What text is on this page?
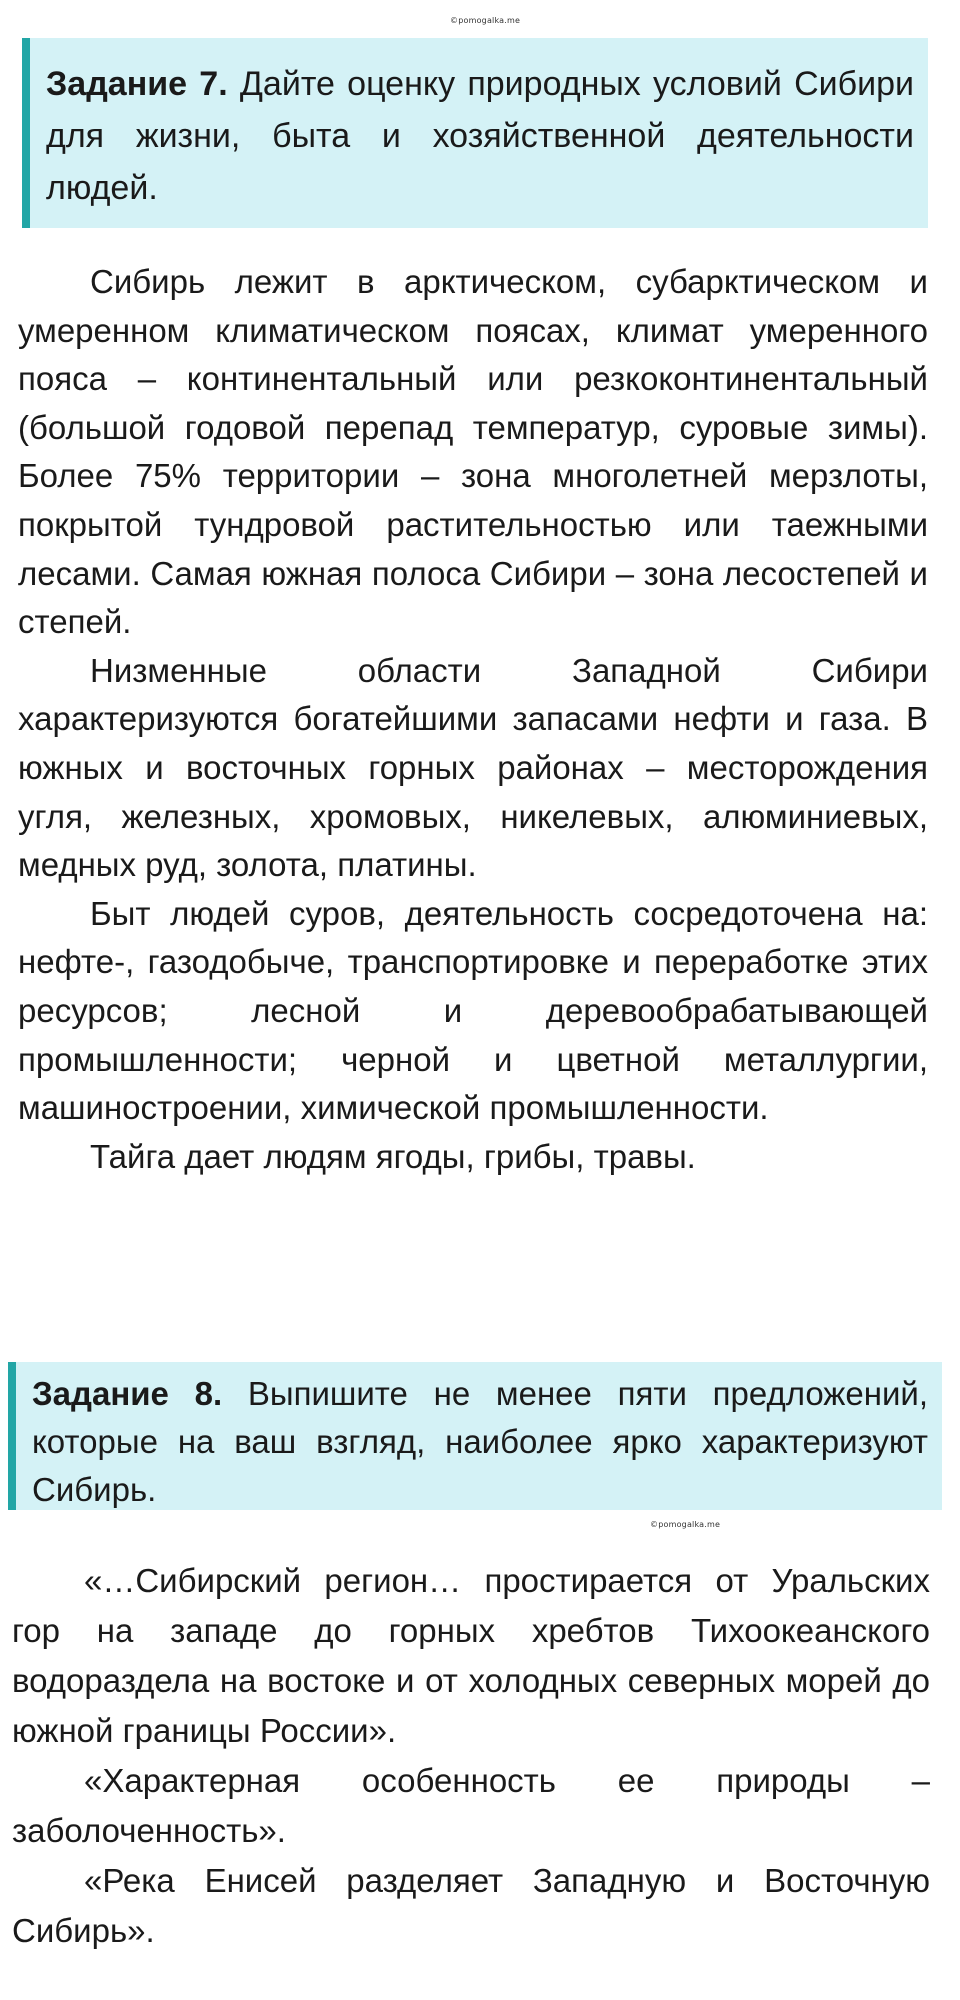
©pomogalka.me
Задание 7. Дайте оценку природных условий Сибири для жизни, быта и хозяйственной деятельности людей.

Сибирь лежит в арктическом, субарктическом и умеренном климатическом поясах, климат умеренного пояса – континентальный или резкоконтинентальный (большой годовой перепад температур, суровые зимы). Более 75% территории – зона многолетней мерзлоты, покрытой тундровой растительностью или таежными лесами. Самая южная полоса Сибири – зона лесостепей и степей.

Низменные области Западной Сибири характеризуются богатейшими запасами нефти и газа. В южных и восточных горных районах – месторождения угля, железных, хромовых, никелевых, алюминиевых, медных руд, золота, платины.

Быт людей суров, деятельность сосредоточена на: нефте-, газодобыче, транспортировке и переработке этих ресурсов; лесной и деревообрабатывающей промышленности; черной и цветной металлургии, машиностроении, химической промышленности.

Тайга дает людям ягоды, грибы, травы.

Задание 8. Выпишите не менее пяти предложений, которые на ваш взгляд, наиболее ярко характеризуют Сибирь.
©pomogalka.me

«…Сибирский регион… простирается от Уральских гор на западе до горных хребтов Тихоокеанского водораздела на востоке и от холодных северных морей до южной границы России».

«Характерная особенность ее природы – заболоченность».

«Река Енисей разделяет Западную и Восточную Сибирь».
